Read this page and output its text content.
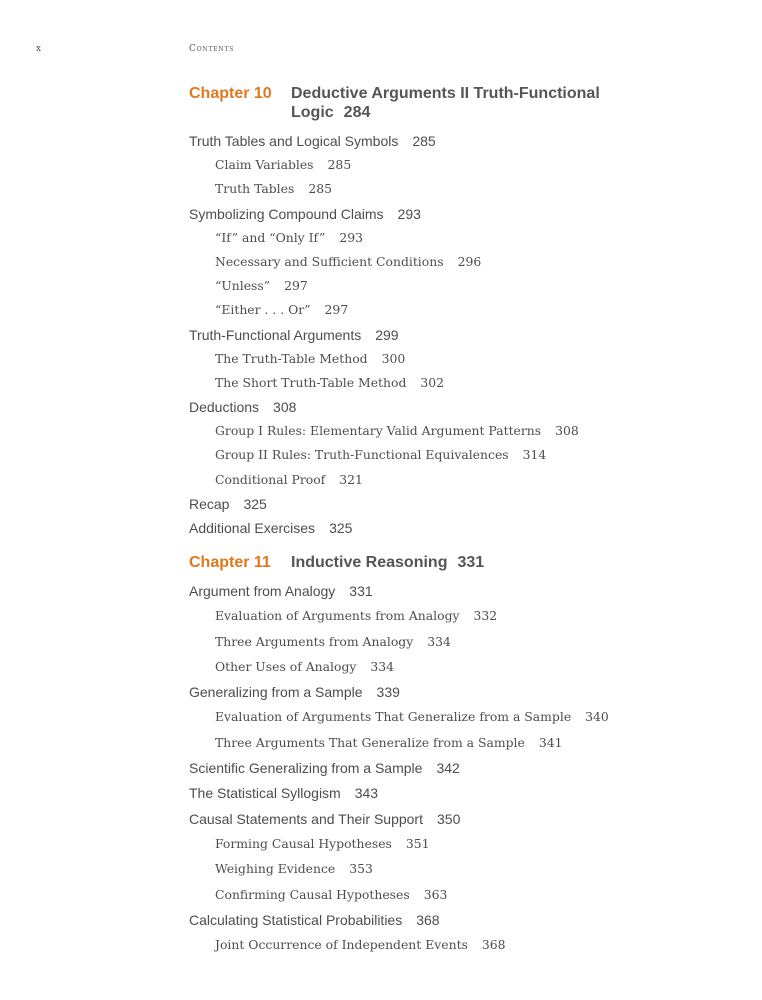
x	Contents
Chapter 10	Deductive Arguments II Truth-Functional Logic 284
Truth Tables and Logical Symbols 285
Claim Variables 285
Truth Tables 285
Symbolizing Compound Claims 293
“If” and “Only If” 293
Necessary and Sufficient Conditions 296
“Unless” 297
“Either . . . Or” 297
Truth-Functional Arguments 299
The Truth-Table Method 300
The Short Truth-Table Method 302
Deductions 308
Group I Rules: Elementary Valid Argument Patterns 308
Group II Rules: Truth-Functional Equivalences 314
Conditional Proof 321
Recap 325
Additional Exercises 325
Chapter 11	Inductive Reasoning 331
Argument from Analogy 331
Evaluation of Arguments from Analogy 332
Three Arguments from Analogy 334
Other Uses of Analogy 334
Generalizing from a Sample 339
Evaluation of Arguments That Generalize from a Sample 340
Three Arguments That Generalize from a Sample 341
Scientific Generalizing from a Sample 342
The Statistical Syllogism 343
Causal Statements and Their Support 350
Forming Causal Hypotheses 351
Weighing Evidence 353
Confirming Causal Hypotheses 363
Calculating Statistical Probabilities 368
Joint Occurrence of Independent Events 368
